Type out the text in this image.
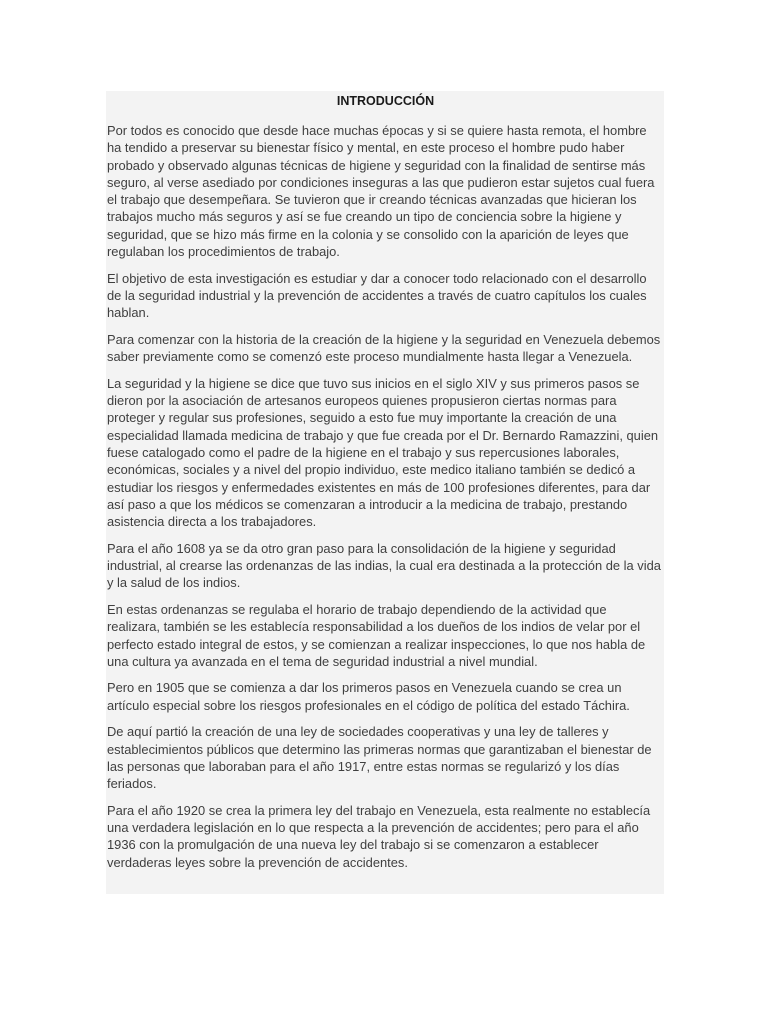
INTRODUCCIÓN

Por todos es conocido que desde hace muchas épocas y si se quiere hasta remota, el hombre ha tendido a preservar su bienestar físico y mental, en este proceso el hombre pudo haber probado y observado algunas técnicas de higiene y seguridad con la finalidad de sentirse más seguro, al verse asediado por condiciones inseguras a las que pudieron estar sujetos cual fuera el trabajo que desempeñara. Se tuvieron que ir creando técnicas avanzadas que hicieran los trabajos mucho más seguros y así se fue creando un tipo de conciencia sobre la higiene y seguridad, que se hizo más firme en la colonia y se consolido con la aparición de leyes que regulaban los procedimientos de trabajo.

El objetivo de esta investigación es estudiar y dar a conocer todo relacionado con el desarrollo de la seguridad industrial y la prevención de accidentes a través de cuatro capítulos los cuales hablan.

Para comenzar con la historia de la creación de la higiene y la seguridad en Venezuela debemos saber previamente como se comenzó este proceso mundialmente hasta llegar a Venezuela.

La seguridad y la higiene se dice que tuvo sus inicios en el siglo XIV y sus primeros pasos se dieron por la asociación de artesanos europeos quienes propusieron ciertas normas para proteger y regular sus profesiones, seguido a esto fue muy importante la creación de una especialidad llamada medicina de trabajo y que fue creada por el Dr. Bernardo Ramazzini, quien fuese catalogado como el padre de la higiene en el trabajo y sus repercusiones laborales, económicas, sociales y a nivel del propio individuo, este medico italiano también se dedicó a estudiar los riesgos y enfermedades existentes en más de 100 profesiones diferentes, para dar así paso a que los médicos se comenzaran a introducir a la medicina de trabajo, prestando asistencia directa a los trabajadores.

Para el año 1608 ya se da otro gran paso para la consolidación de la higiene y seguridad industrial, al crearse las ordenanzas de las indias, la cual era destinada a la protección de la vida y la salud de los indios.

En estas ordenanzas se regulaba el horario de trabajo dependiendo de la actividad que realizara, también se les establecía responsabilidad a los dueños de los indios de velar por el perfecto estado integral de estos, y se comienzan a realizar inspecciones, lo que nos habla de una cultura ya avanzada en el tema de seguridad industrial a nivel mundial.

Pero en 1905 que se comienza a dar los primeros pasos en Venezuela cuando se crea un artículo especial sobre los riesgos profesionales en el código de política del estado Táchira.

De aquí partió la creación de una ley de sociedades cooperativas y una ley de talleres y establecimientos públicos que determino las primeras normas que garantizaban el bienestar de las personas que laboraban para el año 1917, entre estas normas se regularizó y los días feriados.

Para el año 1920 se crea la primera ley del trabajo en Venezuela, esta realmente no establecía una verdadera legislación en lo que respecta a la prevención de accidentes; pero para el año 1936 con la promulgación de una nueva ley del trabajo si se comenzaron a establecer verdaderas leyes sobre la prevención de accidentes.
